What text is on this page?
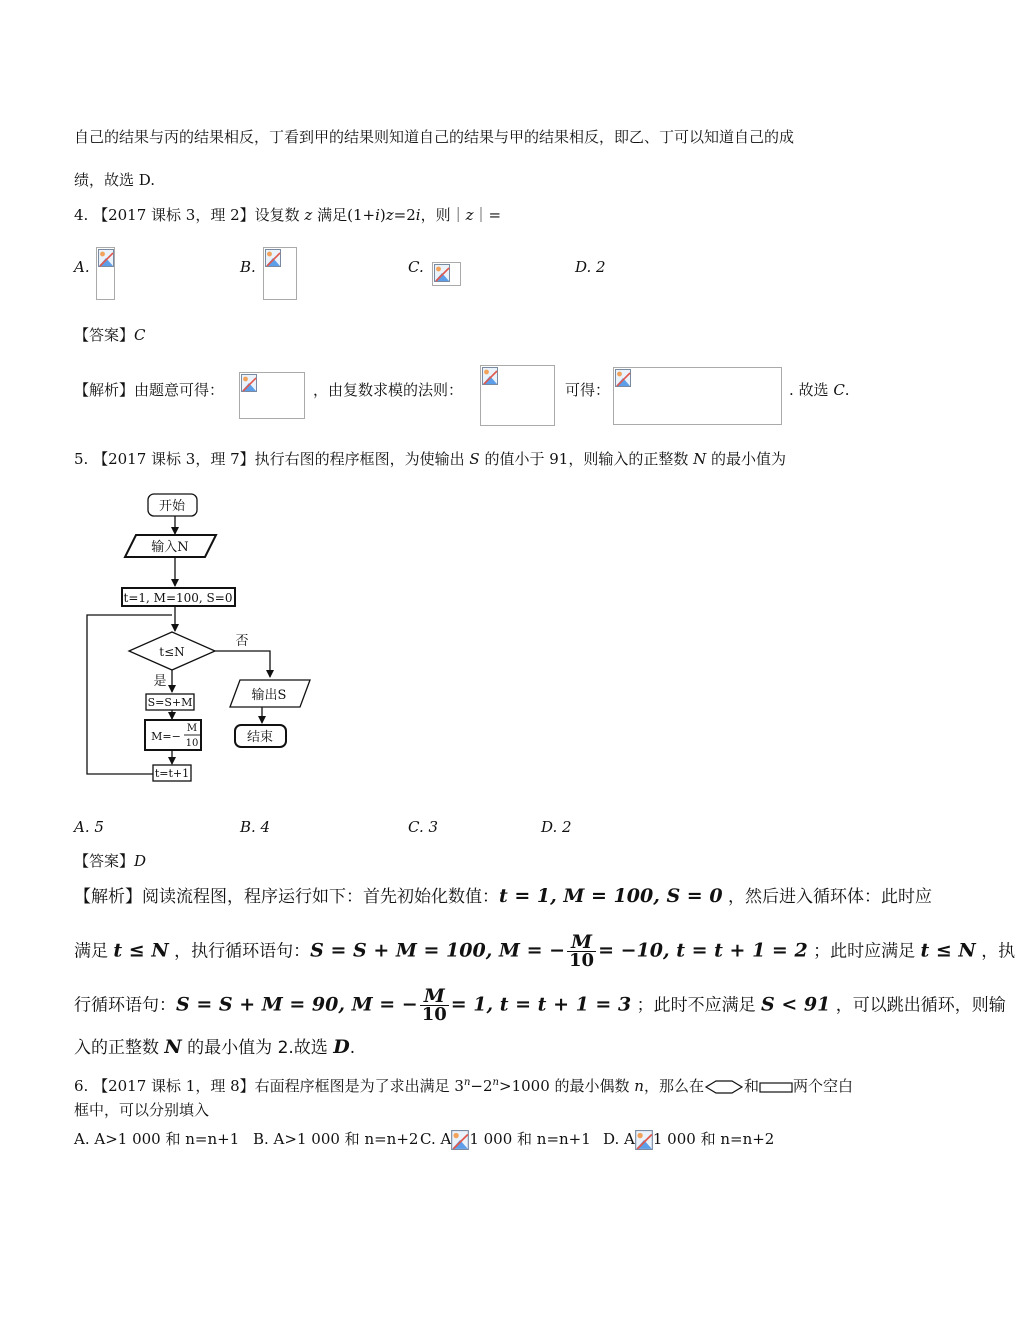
自己的结果与丙的结果相反，丁看到甲的结果则知道自己的结果与甲的结果相反，即乙、丁可以知道自己的成
绩，故选 D.
4. 【2017 课标 3，理 2】设复数 z 满足(1+i)z=2i，则｜z｜=
A.	B.	C.	D. 2
【答案】C
【解析】由题意可得：	，由复数求模的法则：	可得：	. 故选 C.
5. 【2017 课标 3，理 7】执行右图的程序框图，为使输出 S 的值小于 91，则输入的正整数 N 的最小值为
开始
输入N
t=1, M=100, S=0
t≤N
否
是
输出S
结束
S=S+M
M=−
M
10
t=t+1
A. 5	B. 4	C. 3	D. 2
【答案】D
【解析】阅读流程图，程序运行如下：首先初始化数值：t = 1, M = 100, S = 0 ，然后进入循环体：此时应
满足 t ≤ N ，执行循环语句：S = S + M = 100, M = − $\frac{M}{10} = -10$, t = t + 1 = 2 ；此时应满足 t ≤ N ，执
行循环语句：S = S + M = 90, M = − $\frac{M}{10} = 1$, t = t + 1 = 3 ；此时不应满足 S < 91 ，可以跳出循环，则输
入的正整数 N 的最小值为 2.故选 D.
6. 【2017 课标 1，理 8】右面程序框图是为了求出满足 $3^n-2^n>1000$ 的最小偶数 n，那么在	和 两个空白
框中，可以分别填入
A. A>1 000 和 n=n+1 B. A>1 000 和 n=n+2 C. A 1 000 和 n=n+1 D. A 1 000 和 n=n+2
